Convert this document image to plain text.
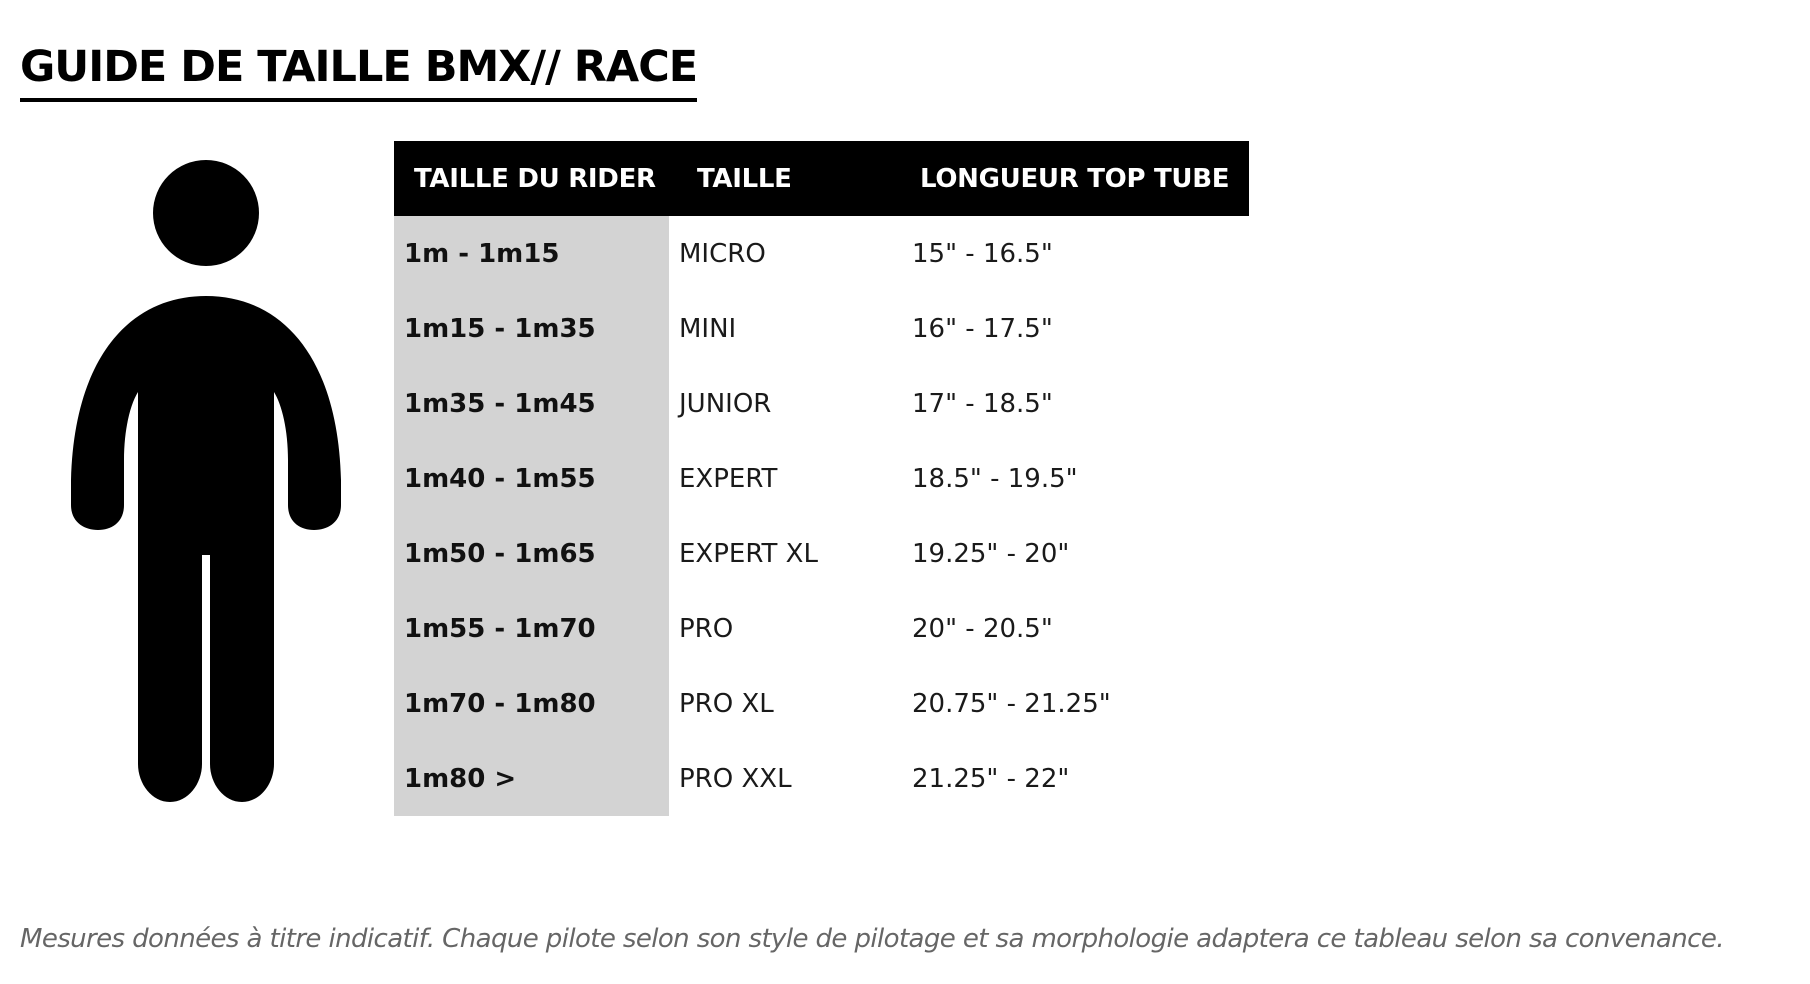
GUIDE DE TAILLE BMX// RACE
TAILLE DU RIDER	TAILLE	LONGUEUR TOP TUBE
1m - 1m15	MICRO	15" - 16.5"
1m15 - 1m35	MINI	16" - 17.5"
1m35 - 1m45	JUNIOR	17" - 18.5"
1m40 - 1m55	EXPERT	18.5" - 19.5"
1m50 - 1m65	EXPERT XL	19.25" - 20"
1m55 - 1m70	PRO	20" - 20.5"
1m70 - 1m80	PRO XL	20.75" - 21.25"
1m80 >	PRO XXL	21.25" - 22"

Mesures données à titre indicatif. Chaque pilote selon son style de pilotage et sa morphologie adaptera ce tableau selon sa convenance.
